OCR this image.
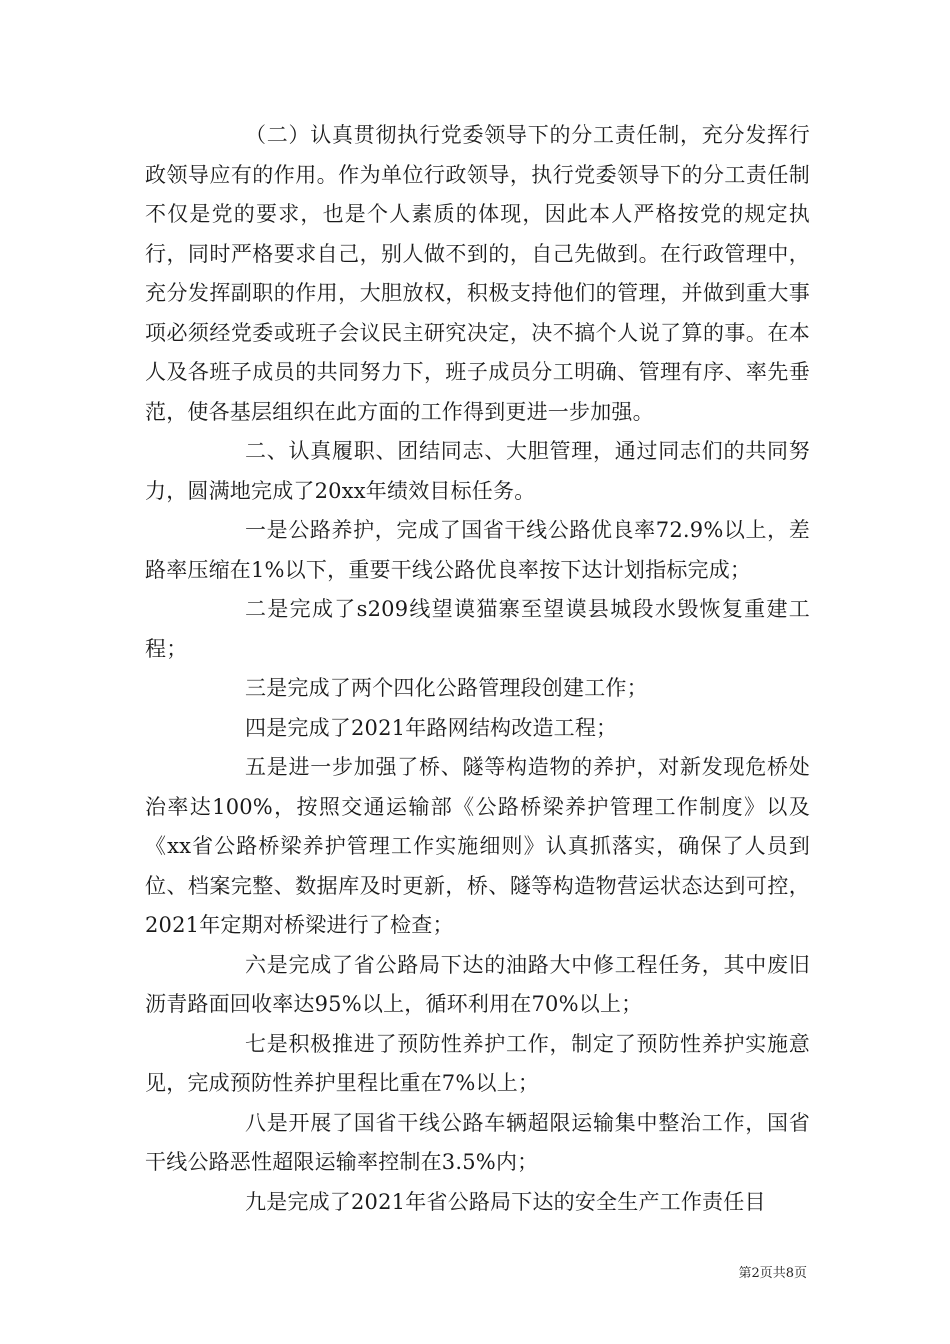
（二）认真贯彻执行党委领导下的分工责任制，充分发挥行政领导应有的作用。作为单位行政领导，执行党委领导下的分工责任制不仅是党的要求，也是个人素质的体现，因此本人严格按党的规定执行，同时严格要求自己，别人做不到的，自己先做到。在行政管理中，充分发挥副职的作用，大胆放权，积极支持他们的管理，并做到重大事项必须经党委或班子会议民主研究决定，决不搞个人说了算的事。在本人及各班子成员的共同努力下，班子成员分工明确、管理有序、率先垂范，使各基层组织在此方面的工作得到更进一步加强。

二、认真履职、团结同志、大胆管理，通过同志们的共同努力，圆满地完成了20xx年绩效目标任务。

一是公路养护，完成了国省干线公路优良率72.9%以上，差路率压缩在1%以下，重要干线公路优良率按下达计划指标完成；

二是完成了s209线望谟猫寨至望谟县城段水毁恢复重建工程；

三是完成了两个四化公路管理段创建工作；

四是完成了2021年路网结构改造工程；

五是进一步加强了桥、隧等构造物的养护，对新发现危桥处治率达100%，按照交通运输部《公路桥梁养护管理工作制度》以及《xx省公路桥梁养护管理工作实施细则》认真抓落实，确保了人员到位、档案完整、数据库及时更新，桥、隧等构造物营运状态达到可控，2021年定期对桥梁进行了检查；

六是完成了省公路局下达的油路大中修工程任务，其中废旧沥青路面回收率达95%以上，循环利用在70%以上；

七是积极推进了预防性养护工作，制定了预防性养护实施意见，完成预防性养护里程比重在7%以上；

八是开展了国省干线公路车辆超限运输集中整治工作，国省干线公路恶性超限运输率控制在3.5%内；

九是完成了2021年省公路局下达的安全生产工作责任目

第2页共8页
